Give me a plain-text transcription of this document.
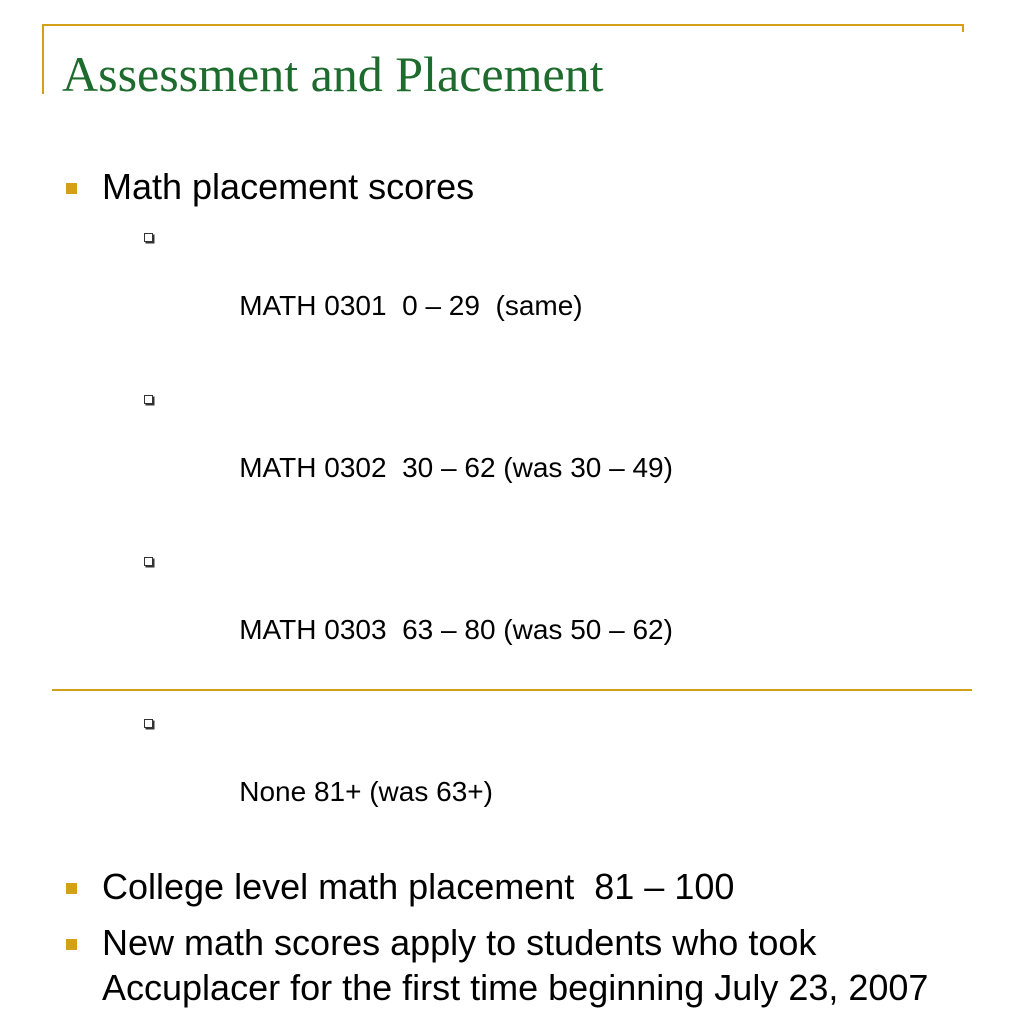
Assessment and Placement
Math placement scores

MATH 0301  0 – 29  (same)

MATH 0302  30 – 62 (was 30 – 49)

MATH 0303  63 – 80 (was 50 – 62)

None 81+ (was 63+)

College level math placement  81 – 100
New math scores apply to students who took Accuplacer for the first time beginning July 23, 2007
